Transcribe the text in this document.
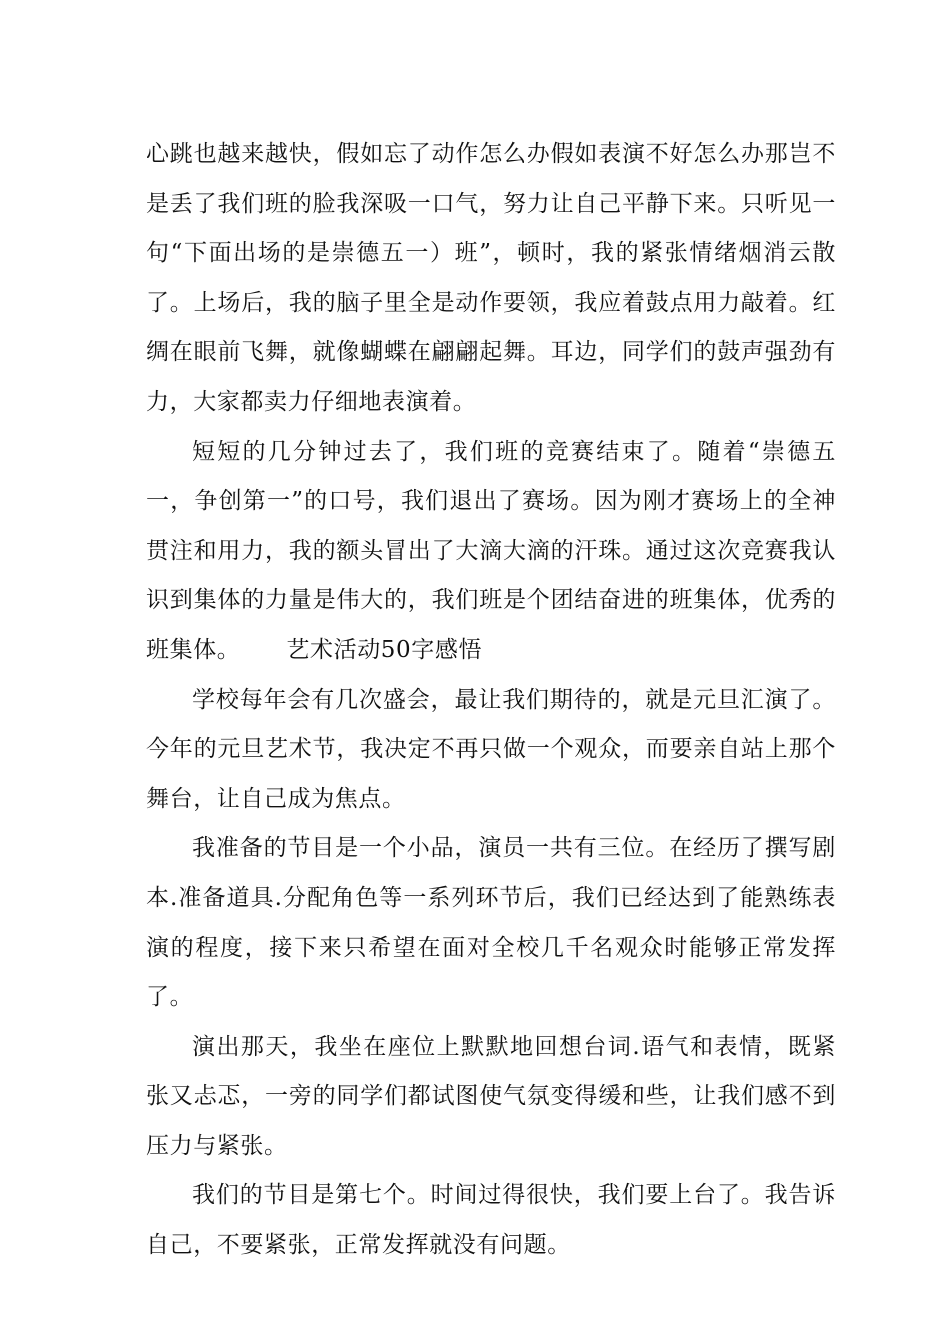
心跳也越来越快，假如忘了动作怎么办假如表演不好怎么办那岂不是丢了我们班的脸我深吸一口气，努力让自己平静下来。只听见一句“下面出场的是崇德五一）班”，顿时，我的紧张情绪烟消云散了。上场后，我的脑子里全是动作要领，我应着鼓点用力敲着。红绸在眼前飞舞，就像蝴蝶在翩翩起舞。耳边，同学们的鼓声强劲有力，大家都卖力仔细地表演着。

短短的几分钟过去了，我们班的竞赛结束了。随着“崇德五一，争创第一”的口号，我们退出了赛场。因为刚才赛场上的全神贯注和用力，我的额头冒出了大滴大滴的汗珠。通过这次竞赛我认识到集体的力量是伟大的，我们班是个团结奋进的班集体，优秀的班集体。 艺术活动50字感悟

学校每年会有几次盛会，最让我们期待的，就是元旦汇演了。今年的元旦艺术节，我决定不再只做一个观众，而要亲自站上那个舞台，让自己成为焦点。

我准备的节目是一个小品，演员一共有三位。在经历了撰写剧本.准备道具.分配角色等一系列环节后，我们已经达到了能熟练表演的程度，接下来只希望在面对全校几千名观众时能够正常发挥了。

演出那天，我坐在座位上默默地回想台词.语气和表情，既紧张又忐忑，一旁的同学们都试图使气氛变得缓和些，让我们感不到压力与紧张。

我们的节目是第七个。时间过得很快，我们要上台了。我告诉自己，不要紧张，正常发挥就没有问题。
